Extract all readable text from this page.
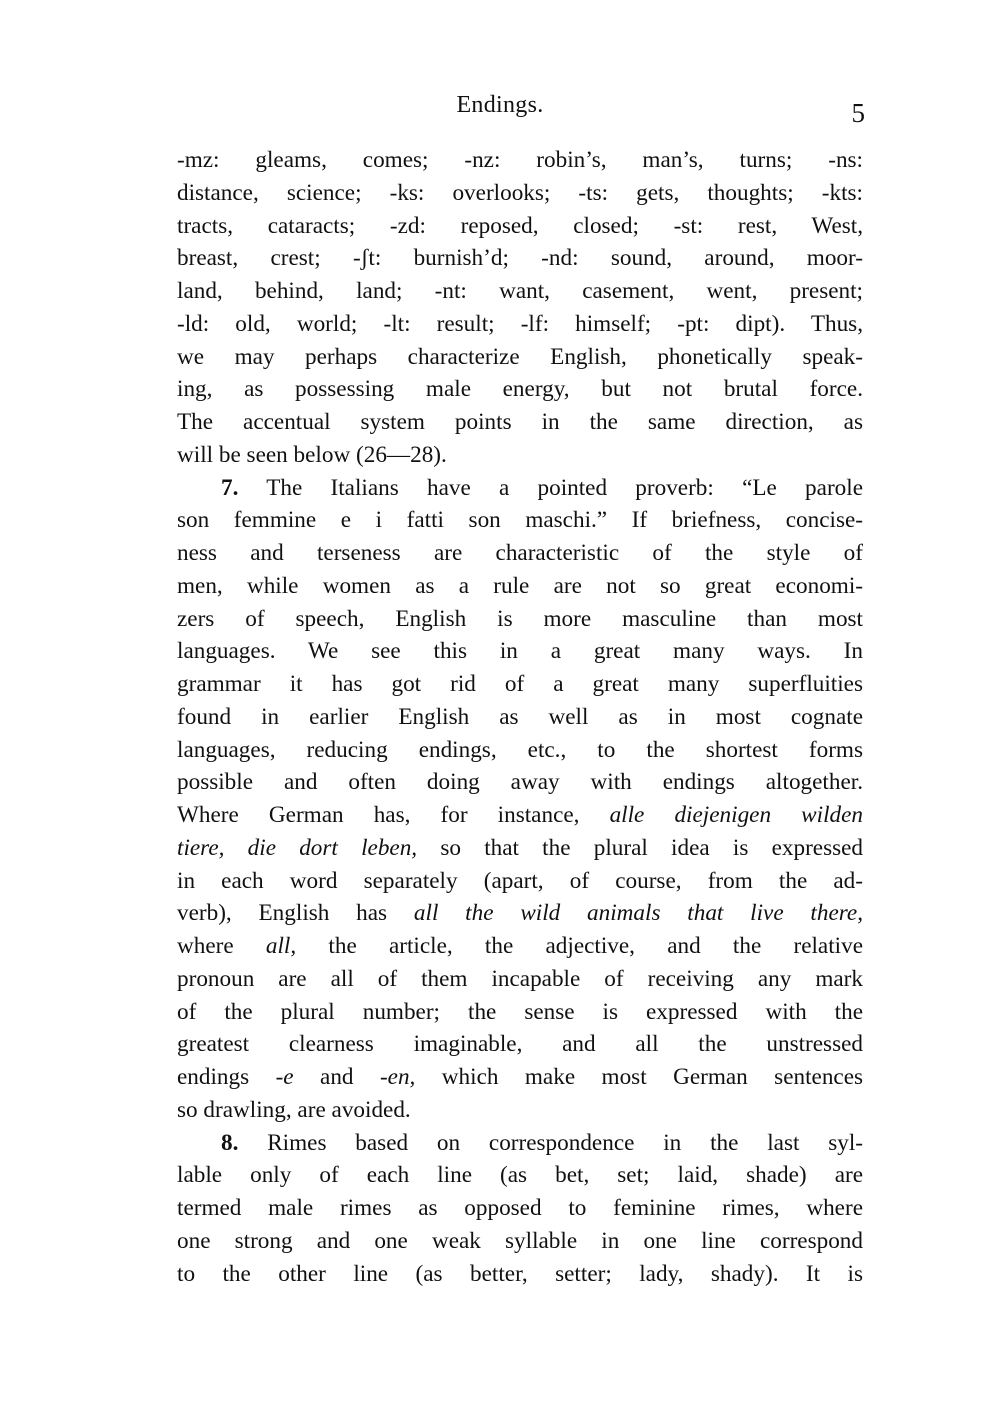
Endings.	5
-mz: gleams, comes; -nz: robin’s, man’s, turns; -ns:
distance, science; -ks: overlooks; -ts: gets, thoughts; -kts:
tracts, cataracts; -zd: reposed, closed; -st: rest, West,
breast, crest; -ʃt: burnish’d; -nd: sound, around, moor-
land, behind, land; -nt: want, casement, went, present;
-ld: old, world; -lt: result; -lf: himself; -pt: dipt). Thus,
we may perhaps characterize English, phonetically speak-
ing, as possessing male energy, but not brutal force.
The accentual system points in the same direction, as
will be seen below (26—28).
7. The Italians have a pointed proverb: “Le parole
son femmine e i fatti son maschi.” If briefness, concise-
ness and terseness are characteristic of the style of
men, while women as a rule are not so great economi-
zers of speech, English is more masculine than most
languages. We see this in a great many ways. In
grammar it has got rid of a great many superfluities
found in earlier English as well as in most cognate
languages, reducing endings, etc., to the shortest forms
possible and often doing away with endings altogether.
Where German has, for instance, alle diejenigen wilden
tiere, die dort leben, so that the plural idea is expressed
in each word separately (apart, of course, from the ad-
verb), English has all the wild animals that live there,
where all, the article, the adjective, and the relative
pronoun are all of them incapable of receiving any mark
of the plural number; the sense is expressed with the
greatest clearness imaginable, and all the unstressed
endings -e and -en, which make most German sentences
so drawling, are avoided.
8. Rimes based on correspondence in the last syl-
lable only of each line (as bet, set; laid, shade) are
termed male rimes as opposed to feminine rimes, where
one strong and one weak syllable in one line correspond
to the other line (as better, setter; lady, shady). It is
